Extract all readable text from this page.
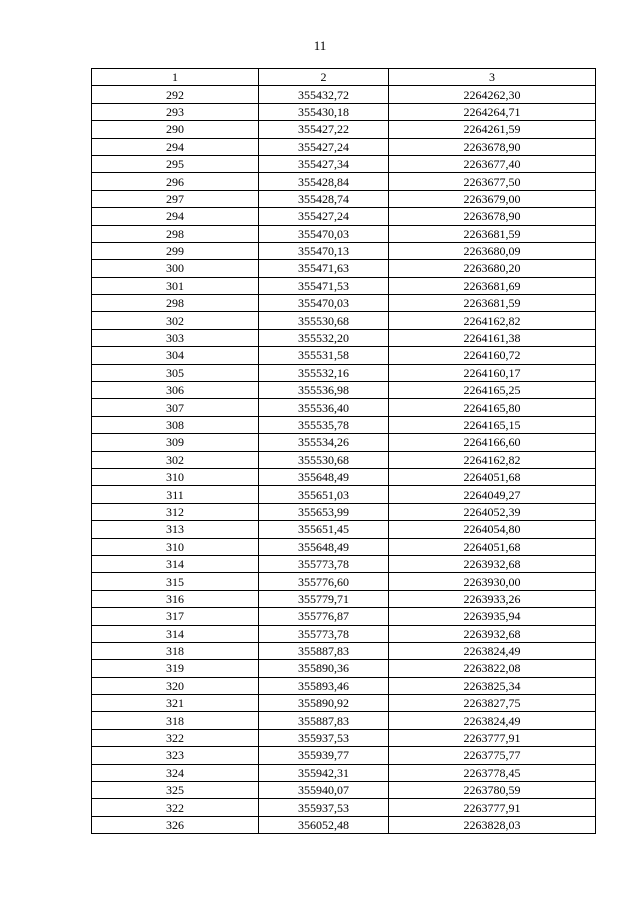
11
1	2	3
292	355432,72	2264262,30
293	355430,18	2264264,71
290	355427,22	2264261,59
294	355427,24	2263678,90
295	355427,34	2263677,40
296	355428,84	2263677,50
297	355428,74	2263679,00
294	355427,24	2263678,90
298	355470,03	2263681,59
299	355470,13	2263680,09
300	355471,63	2263680,20
301	355471,53	2263681,69
298	355470,03	2263681,59
302	355530,68	2264162,82
303	355532,20	2264161,38
304	355531,58	2264160,72
305	355532,16	2264160,17
306	355536,98	2264165,25
307	355536,40	2264165,80
308	355535,78	2264165,15
309	355534,26	2264166,60
302	355530,68	2264162,82
310	355648,49	2264051,68
311	355651,03	2264049,27
312	355653,99	2264052,39
313	355651,45	2264054,80
310	355648,49	2264051,68
314	355773,78	2263932,68
315	355776,60	2263930,00
316	355779,71	2263933,26
317	355776,87	2263935,94
314	355773,78	2263932,68
318	355887,83	2263824,49
319	355890,36	2263822,08
320	355893,46	2263825,34
321	355890,92	2263827,75
318	355887,83	2263824,49
322	355937,53	2263777,91
323	355939,77	2263775,77
324	355942,31	2263778,45
325	355940,07	2263780,59
322	355937,53	2263777,91
326	356052,48	2263828,03
